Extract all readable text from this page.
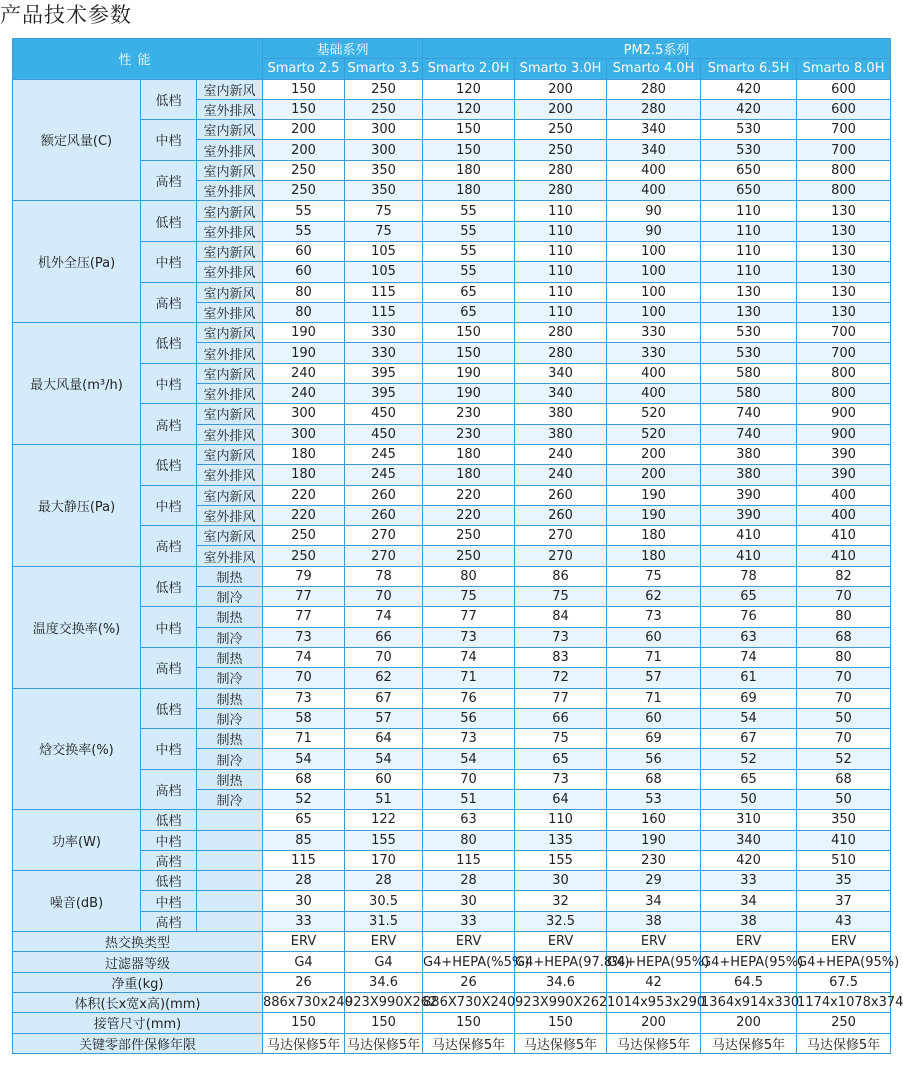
产品技术参数
性能			基础系列		PM2.5系列				
			Smarto 2.5	Smarto 3.5	Smarto 2.0H	Smarto 3.0H	Smarto 4.0H	Smarto 6.5H	Smarto 8.0H
额定风量(C)	低档	室内新风	150	250	120	200	280	420	600
		室外排风	150	250	120	200	280	420	600
	中档	室内新风	200	300	150	250	340	530	700
		室外排风	200	300	150	250	340	530	700
	高档	室内新风	250	350	180	280	400	650	800
		室外排风	250	350	180	280	400	650	800
机外全压(Pa)	低档	室内新风	55	75	55	110	90	110	130
		室外排风	55	75	55	110	90	110	130
	中档	室内新风	60	105	55	110	100	110	130
		室外排风	60	105	55	110	100	110	130
	高档	室内新风	80	115	65	110	100	130	130
		室外排风	80	115	65	110	100	130	130
最大风量(m³/h)	低档	室内新风	190	330	150	280	330	530	700
		室外排风	190	330	150	280	330	530	700
	中档	室内新风	240	395	190	340	400	580	800
		室外排风	240	395	190	340	400	580	800
	高档	室内新风	300	450	230	380	520	740	900
		室外排风	300	450	230	380	520	740	900
最大静压(Pa)	低档	室内新风	180	245	180	240	200	380	390
		室外排风	180	245	180	240	200	380	390
	中档	室内新风	220	260	220	260	190	390	400
		室外排风	220	260	220	260	190	390	400
	高档	室内新风	250	270	250	270	180	410	410
		室外排风	250	270	250	270	180	410	410
温度交换率(%)	低档	制热	79	78	80	86	75	78	82
		制冷	77	70	75	75	62	65	70
	中档	制热	77	74	77	84	73	76	80
		制冷	73	66	73	73	60	63	68
	高档	制热	74	70	74	83	71	74	80
		制冷	70	62	71	72	57	61	70
焓交换率(%)	低档	制热	73	67	76	77	71	69	70
		制冷	58	57	56	66	60	54	50
	中档	制热	71	64	73	75	69	67	70
		制冷	54	54	54	65	56	52	52
	高档	制热	68	60	70	73	68	65	68
		制冷	52	51	51	64	53	50	50
功率(W)	低档		65	122	63	110	160	310	350
	中档		85	155	80	135	190	340	410
	高档		115	170	115	155	230	420	510
噪音(dB)	低档		28	28	28	30	29	33	35
	中档		30	30.5	30	32	34	34	37
	高档		33	31.5	33	32.5	38	38	43
热交换类型			ERV	ERV	ERV	ERV	ERV	ERV	ERV
过滤器等级			G4	G4	G4+HEPA(%5%)	G4+HEPA(97.8%)	G4+HEPA(95%)	G4+HEPA(95%)	G4+HEPA(95%)
净重(kg)			26	34.6	26	34.6	42	64.5	67.5
体积(长x宽x高)(mm)			886x730x240	923X990X262	886X730X240	923X990X262	1014x953x290	1364x914x330	1174x1078x374
接管尺寸(mm)			150	150	150	150	200	200	250
关键零部件保修年限			马达保修5年	马达保修5年	马达保修5年	马达保修5年	马达保修5年	马达保修5年	马达保修5年
